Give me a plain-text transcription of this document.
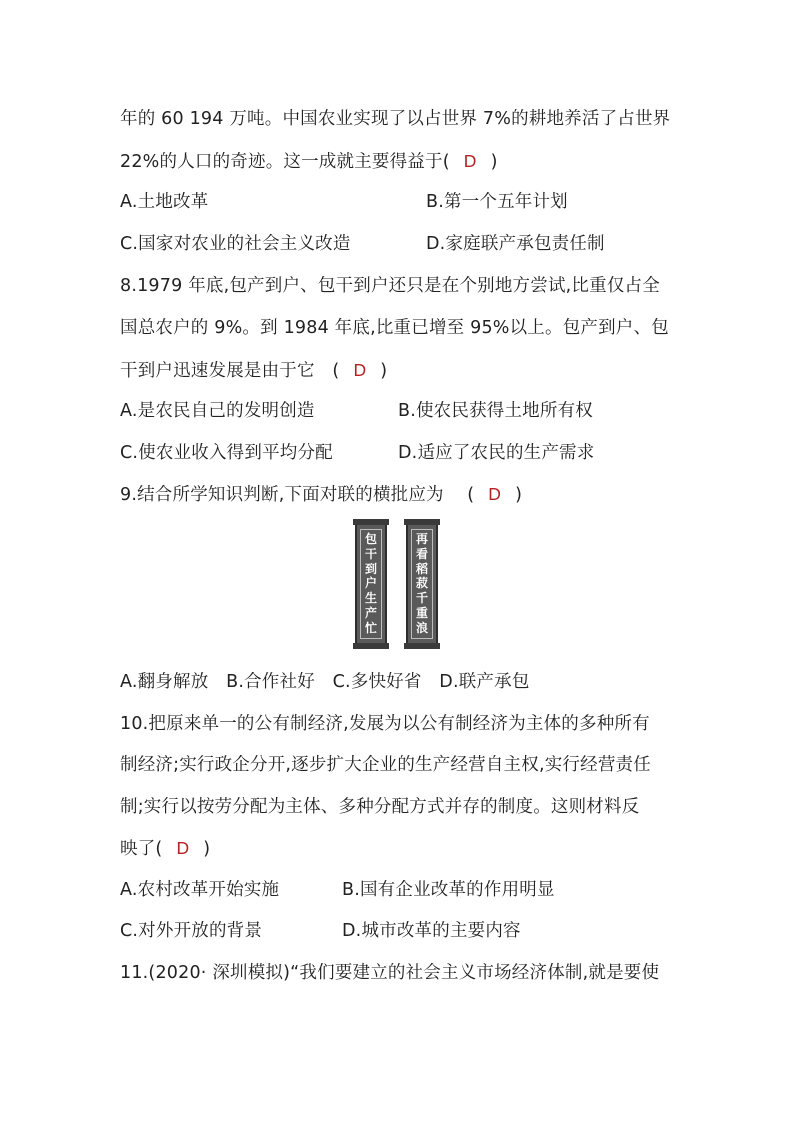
年的 60 194 万吨。中国农业实现了以占世界 7%的耕地养活了占世界
22%的人口的奇迹。这一成就主要得益于( D )
A.土地改革	B.第一个五年计划
C.国家对农业的社会主义改造	D.家庭联产承包责任制
8.1979 年底,包产到户、包干到户还只是在个别地方尝试,比重仅占全
国总农户的 9%。到 1984 年底,比重已增至 95%以上。包产到户、包
干到户迅速发展是由于它　( D )
A.是农民自己的发明创造	B.使农民获得土地所有权
C.使农业收入得到平均分配	D.适应了农民的生产需求
9.结合所学知识判断,下面对联的横批应为　 ( D )
包
干
到
户
生
产
忙
再
看
稻
菽
千
重
浪
A.翻身解放　B.合作社好　C.多快好省　D.联产承包
10.把原来单一的公有制经济,发展为以公有制经济为主体的多种所有
制经济;实行政企分开,逐步扩大企业的生产经营自主权,实行经营责任
制;实行以按劳分配为主体、多种分配方式并存的制度。这则材料反
映了( D )
A.农村改革开始实施	B.国有企业改革的作用明显
C.对外开放的背景	D.城市改革的主要内容
11.(2020· 深圳模拟)“我们要建立的社会主义市场经济体制,就是要使
